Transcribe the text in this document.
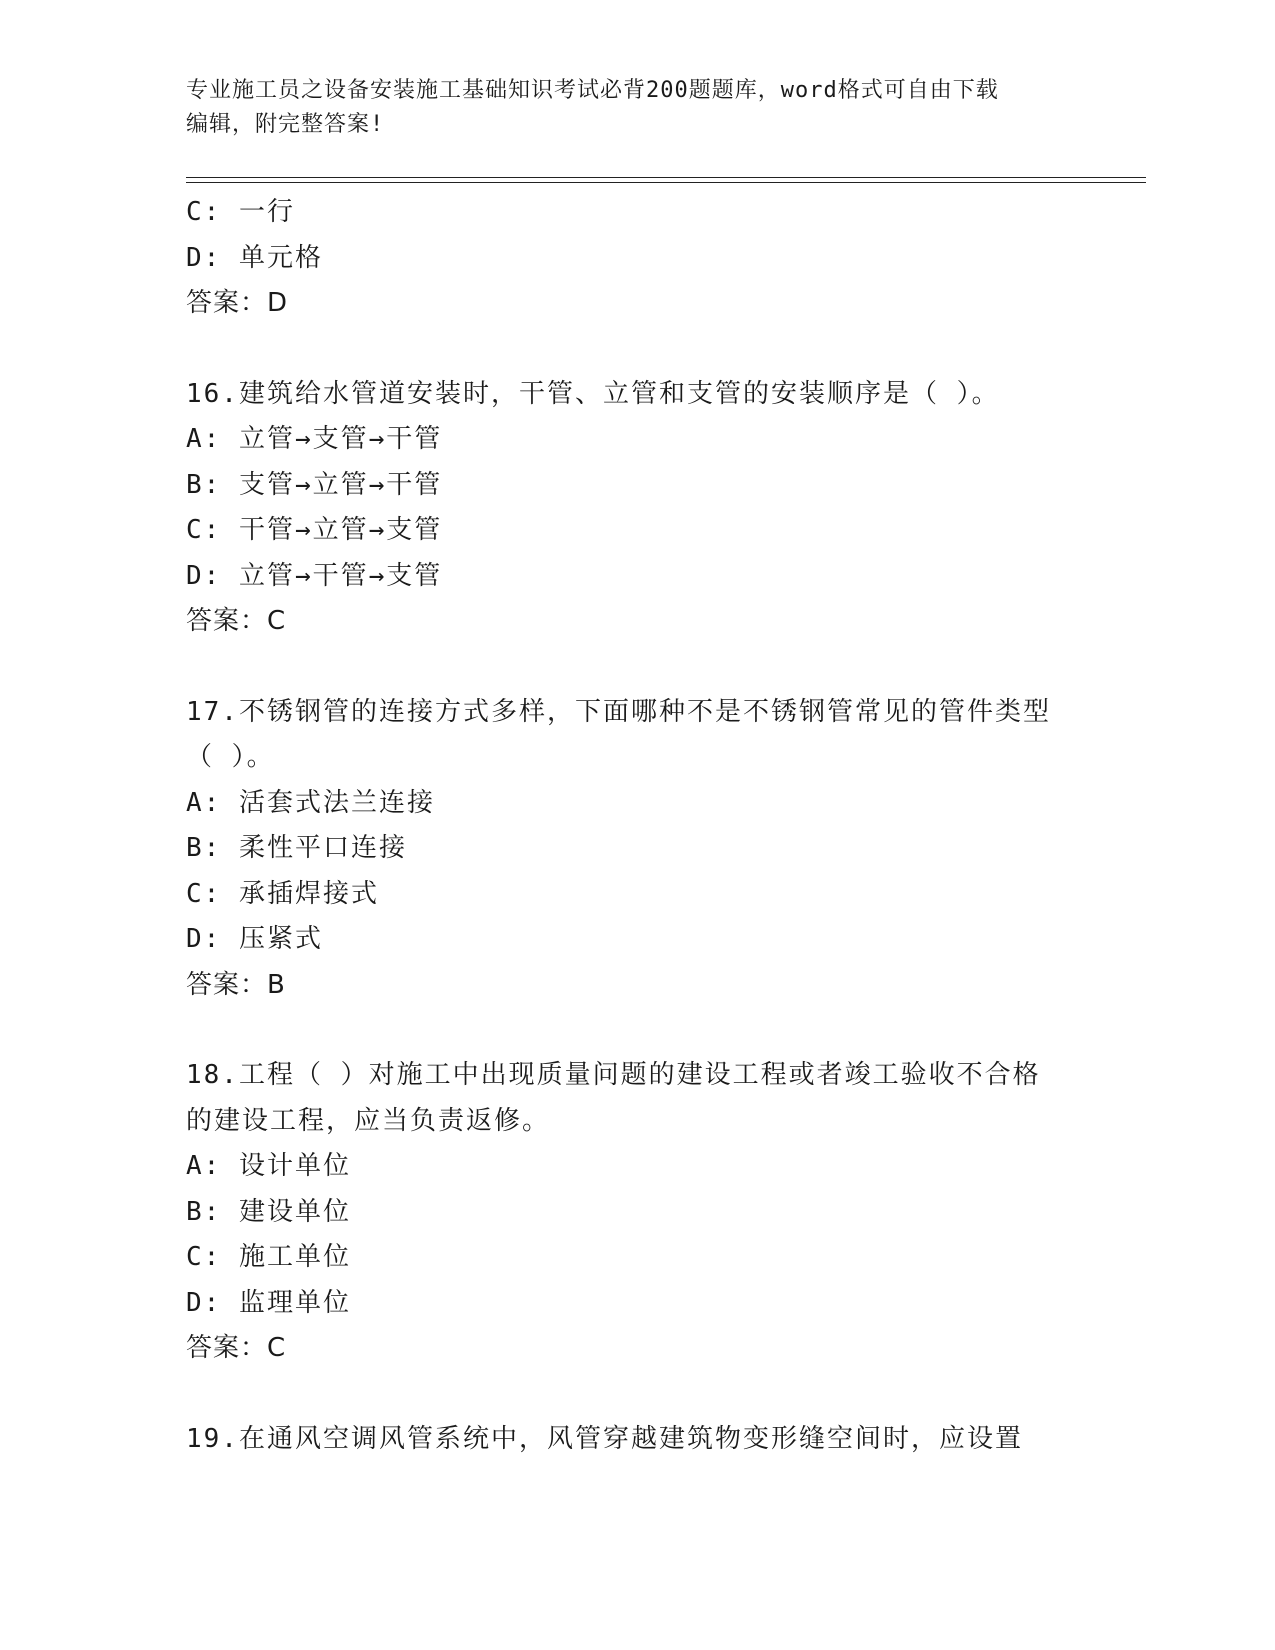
专业施工员之设备安装施工基础知识考试必背200题题库，word格式可自由下载
编辑，附完整答案!
C: 一行
D: 单元格
答案：D
16.建筑给水管道安装时，干管、立管和支管的安装顺序是（ ）。
A: 立管→支管→干管
B: 支管→立管→干管
C: 干管→立管→支管
D: 立管→干管→支管
答案：C
17.不锈钢管的连接方式多样，下面哪种不是不锈钢管常见的管件类型
（ ）。
A: 活套式法兰连接
B: 柔性平口连接
C: 承插焊接式
D: 压紧式
答案：B
18.工程（ ）对施工中出现质量问题的建设工程或者竣工验收不合格
的建设工程，应当负责返修。
A: 设计单位
B: 建设单位
C: 施工单位
D: 监理单位
答案：C
19.在通风空调风管系统中，风管穿越建筑物变形缝空间时，应设置
